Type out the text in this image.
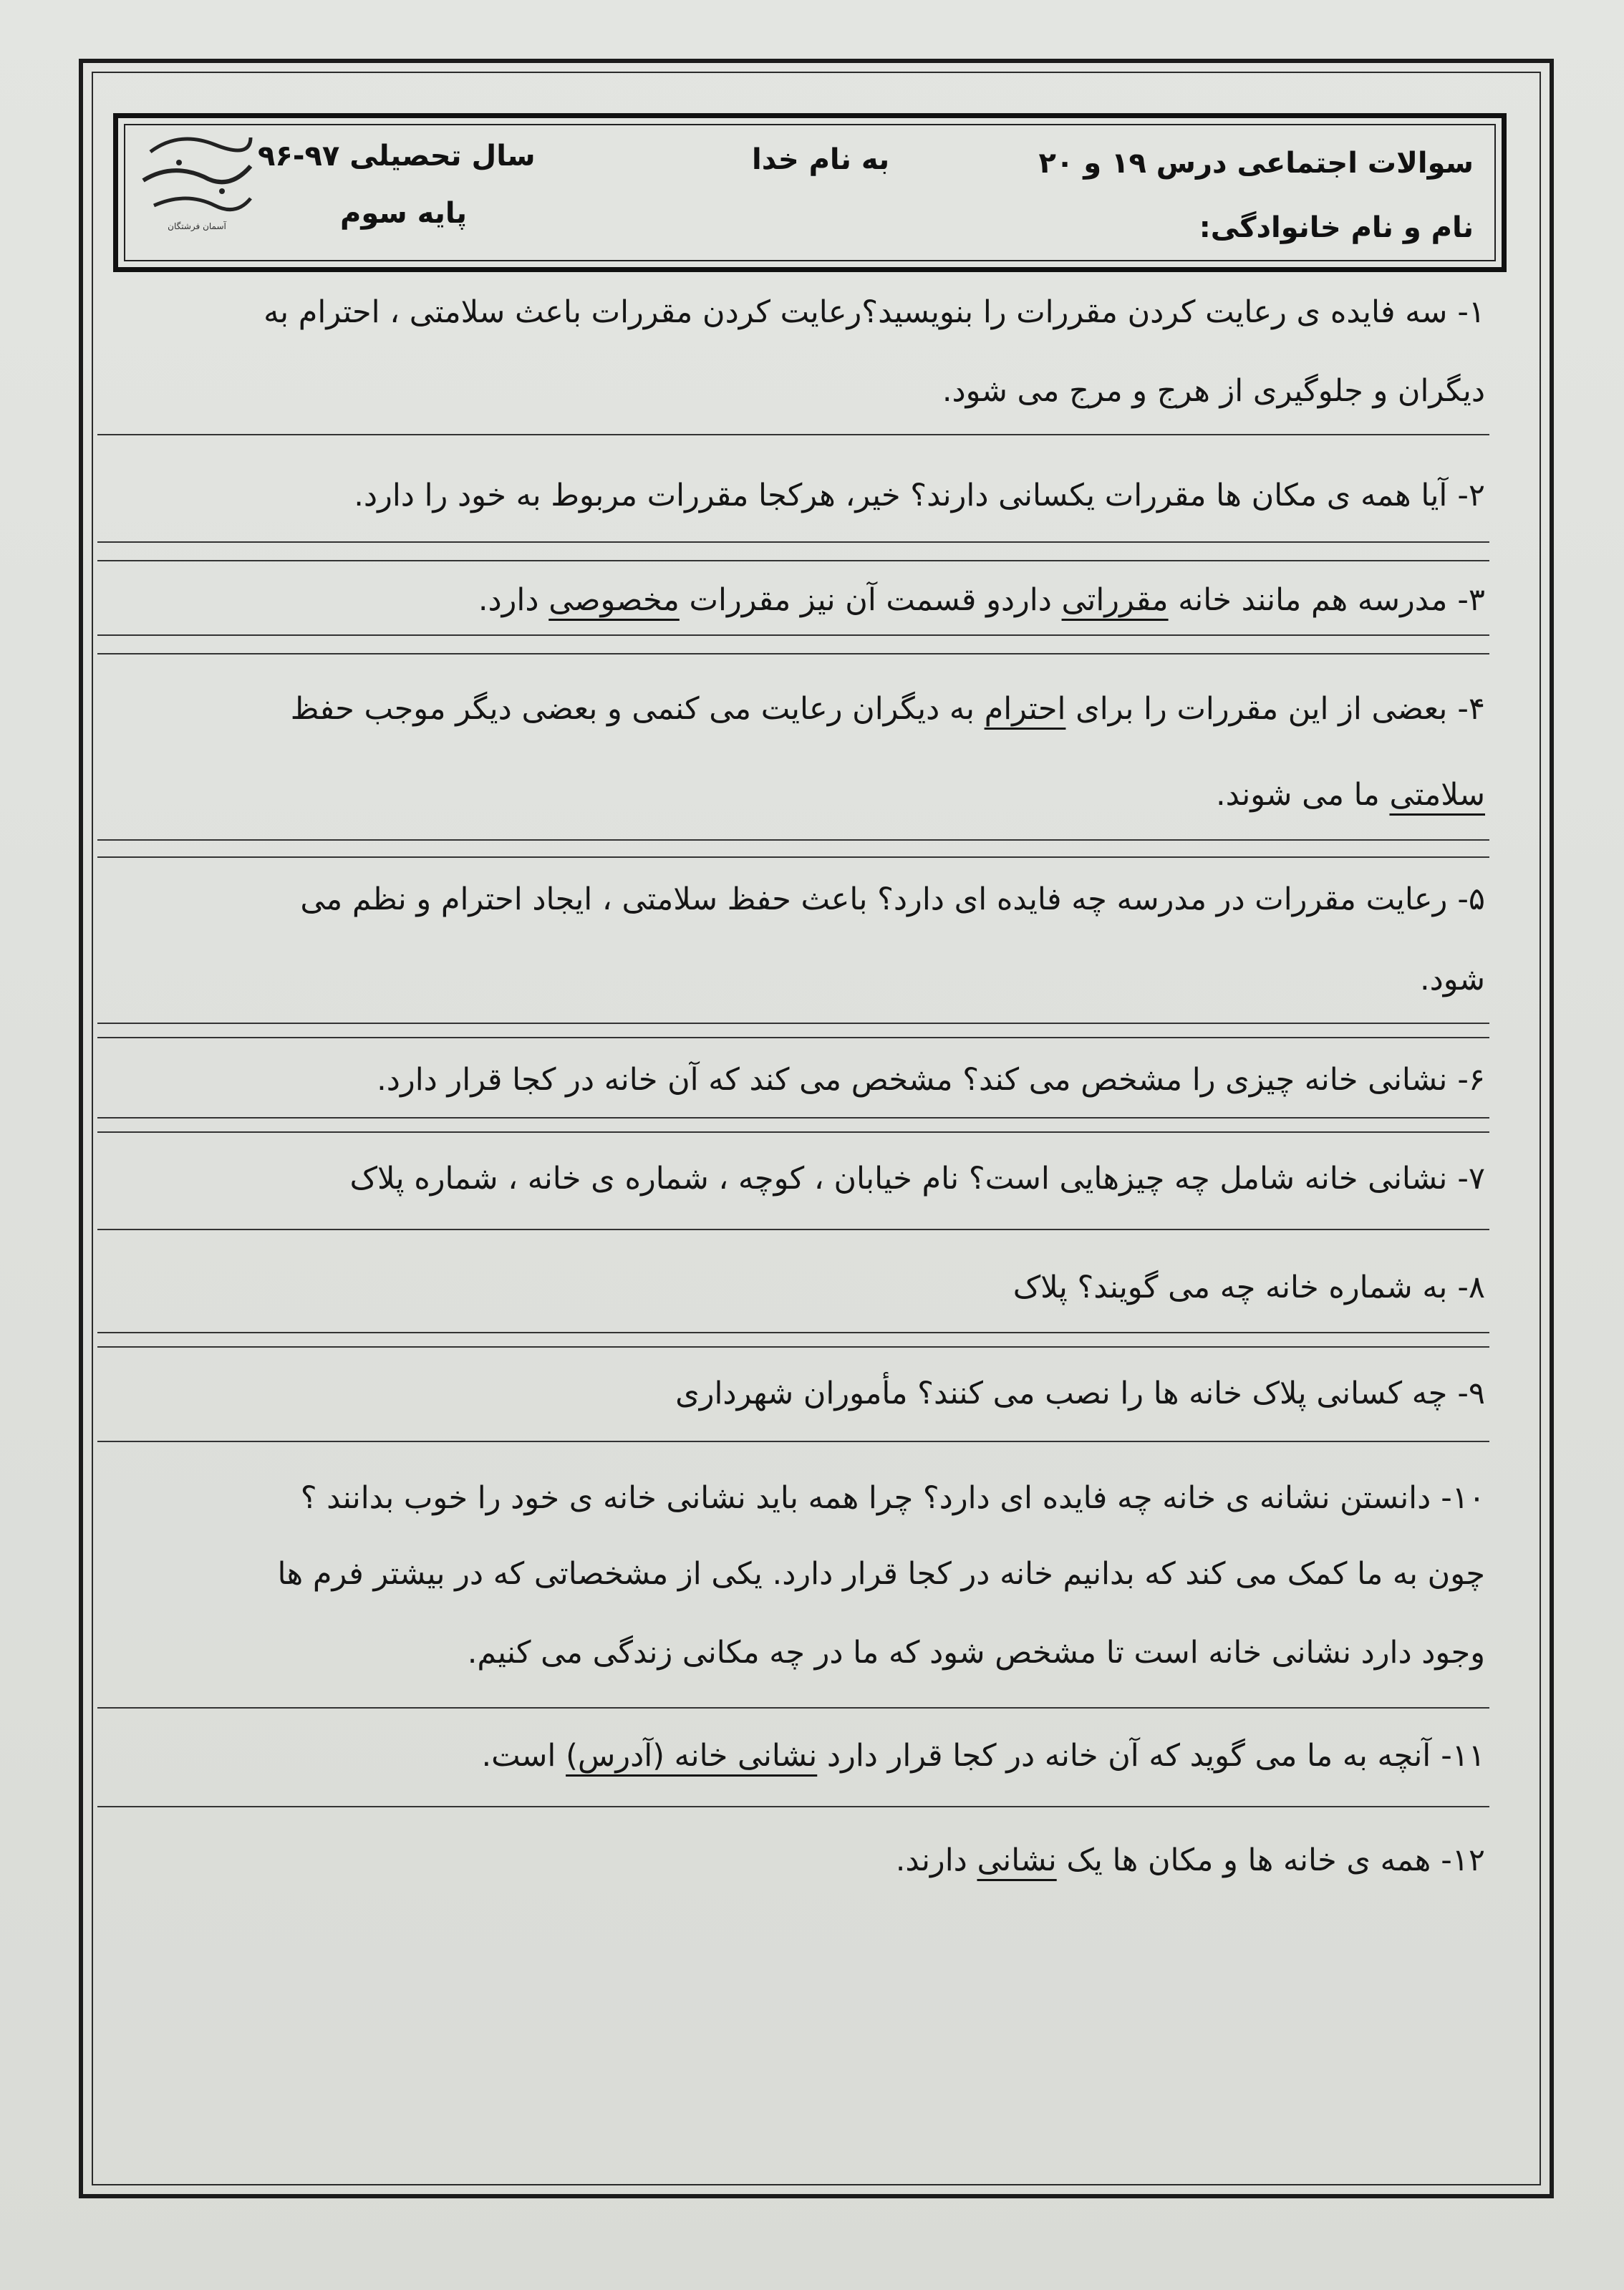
سوالات اجتماعی درس ۱۹ و ۲۰
نام و نام خانوادگی:
به نام خدا
سال تحصیلی ۹۷-۹۶
پایه سوم
آسمان فرشتگان
۱-سه فایده ی رعایت کردن مقررات را بنویسید؟رعایت کردن مقررات باعث سلامتی ، احترام به
دیگران و جلوگیری از هرج و مرج می شود.
۲-آیا همه ی مکان ها مقررات یکسانی دارند؟ خیر، هرکجا مقررات مربوط به خود را دارد.
۳-مدرسه هم مانند خانه مقرراتی داردو قسمت آن نیز مقررات مخصوصی دارد.
۴-بعضی از این مقررات را برای احترام به دیگران رعایت می کنمی و بعضی دیگر موجب حفظ
سلامتی ما می شوند.
۵-رعایت مقررات در مدرسه چه فایده ای دارد؟ باعث حفظ سلامتی ، ایجاد احترام و نظم می
شود.
۶-نشانی خانه چیزی را مشخص می کند؟ مشخص می کند که آن خانه در کجا قرار دارد.
۷-نشانی خانه شامل چه چیزهایی است؟ نام خیابان ، کوچه ، شماره ی خانه ، شماره پلاک
۸-به شماره خانه چه می گویند؟ پلاک
۹-چه کسانی پلاک خانه ها را نصب می کنند؟ مأموران شهرداری
۱۰-دانستن نشانه ی خانه چه فایده ای دارد؟ چرا همه باید نشانی خانه ی خود را خوب بدانند ؟
چون به ما کمک می کند که بدانیم خانه در کجا قرار دارد. یکی از مشخصاتی که در بیشتر فرم ها
وجود دارد نشانی خانه است تا مشخص شود که ما در چه مکانی زندگی می کنیم.
۱۱-آنچه به ما می گوید که آن خانه در کجا قرار دارد نشانی خانه (آدرس) است.
۱۲-همه ی خانه ها و مکان ها یک نشانی دارند.
